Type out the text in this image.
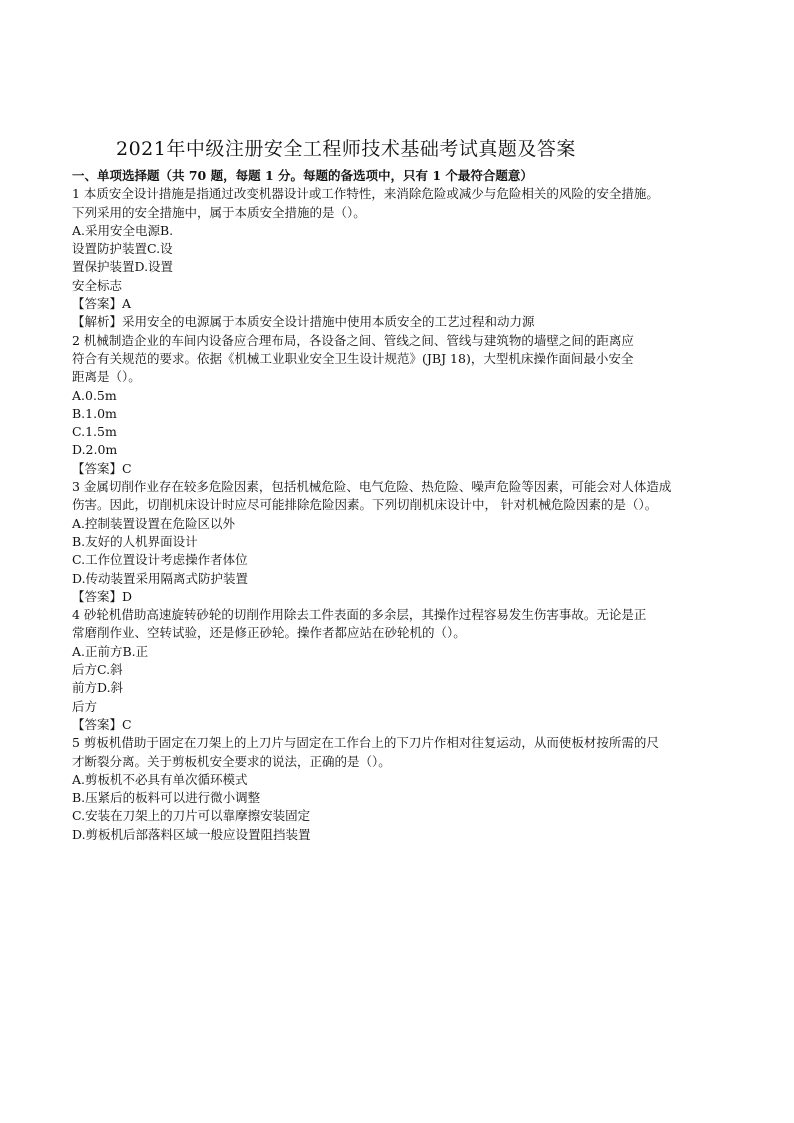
2021年中级注册安全工程师技术基础考试真题及答案
一、单项选择题（共 70 题，每题 1 分。每题的备选项中，只有 1 个最符合题意）
1 本质安全设计措施是指通过改变机器设计或工作特性，来消除危险或减少与危险相关的风险的安全措施。
下列采用的安全措施中，属于本质安全措施的是（）。
A.采用安全电源B.
设置防护装置C.设
置保护装置D.设置
安全标志
【答案】A
【解析】采用安全的电源属于本质安全设计措施中使用本质安全的工艺过程和动力源
2 机械制造企业的车间内设备应合理布局，各设备之间、管线之间、管线与建筑物的墙壁之间的距离应
符合有关规范的要求。依据《机械工业职业安全卫生设计规范》(JBJ 18)，大型机床操作面间最小安全
距离是（）。
A.0.5m
B.1.0m
C.1.5m
D.2.0m
【答案】C
3 金属切削作业存在较多危险因素，包括机械危险、电气危险、热危险、噪声危险等因素，可能会对人体造成
伤害。因此，切削机床设计时应尽可能排除危险因素。下列切削机床设计中， 针对机械危险因素的是（）。
A.控制装置设置在危险区以外
B.友好的人机界面设计
C.工作位置设计考虑操作者体位
D.传动装置采用隔离式防护装置
【答案】D
4 砂轮机借助高速旋转砂轮的切削作用除去工件表面的多余层，其操作过程容易发生伤害事故。无论是正
常磨削作业、空转试验，还是修正砂轮。操作者都应站在砂轮机的（）。
A.正前方B.正
后方C.斜
前方D.斜
后方
【答案】C
5 剪板机借助于固定在刀架上的上刀片与固定在工作台上的下刀片作相对往复运动，从而使板材按所需的尺
才断裂分离。关于剪板机安全要求的说法，正确的是（）。
A.剪板机不必具有单次循环模式
B.压紧后的板料可以进行微小调整
C.安装在刀架上的刀片可以靠摩擦安装固定
D.剪板机后部落料区域一般应设置阻挡装置
